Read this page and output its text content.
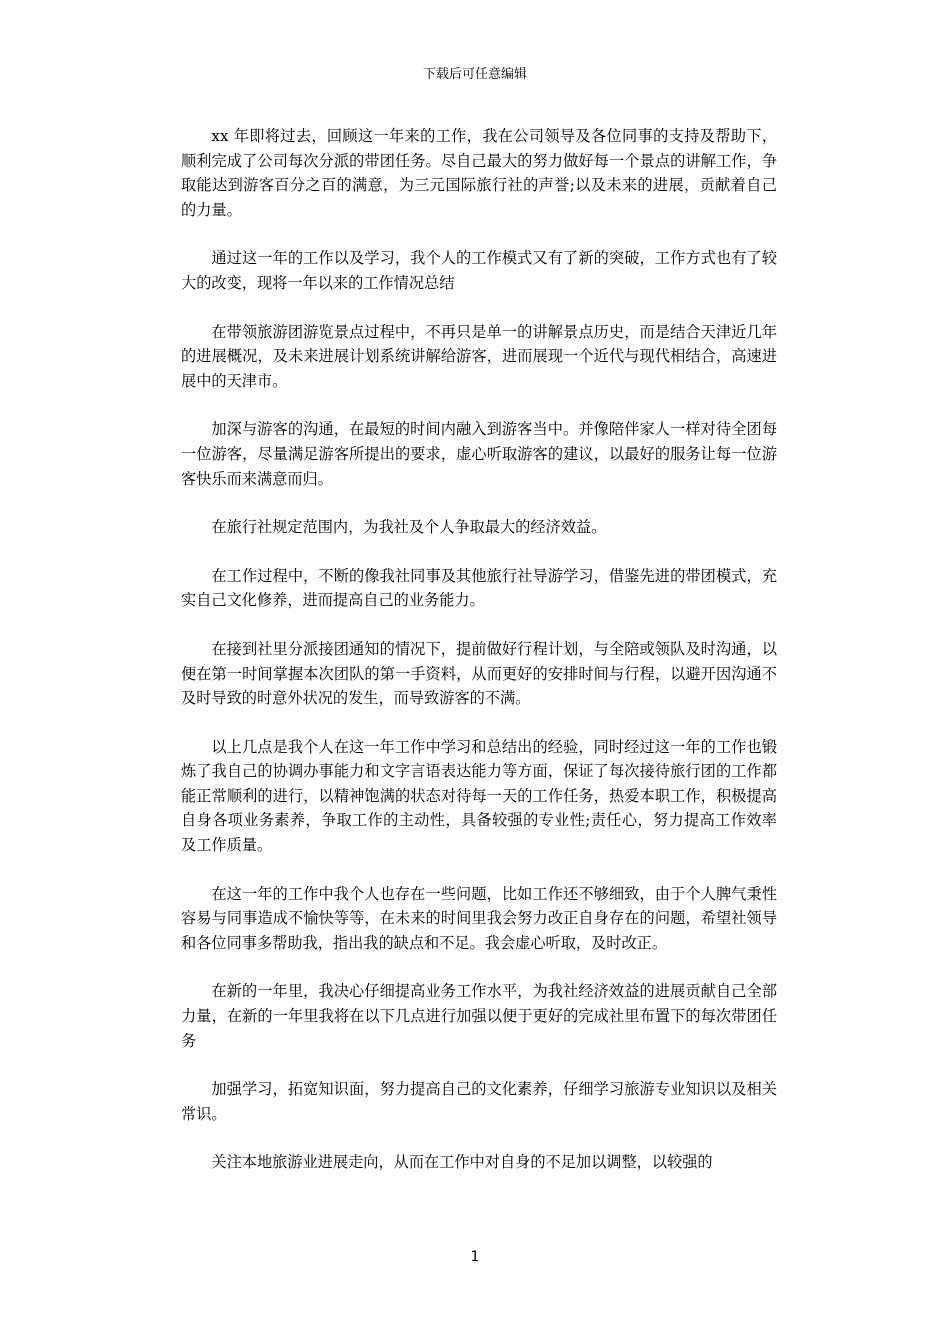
下载后可任意编辑

xx 年即将过去，回顾这一年来的工作，我在公司领导及各位同事的支持及帮助下，顺利完成了公司每次分派的带团任务。尽自己最大的努力做好每一个景点的讲解工作，争取能达到游客百分之百的满意，为三元国际旅行社的声誉;以及未来的进展，贡献着自己的力量。

通过这一年的工作以及学习，我个人的工作模式又有了新的突破，工作方式也有了较大的改变，现将一年以来的工作情况总结

在带领旅游团游览景点过程中，不再只是单一的讲解景点历史，而是结合天津近几年的进展概况，及未来进展计划系统讲解给游客，进而展现一个近代与现代相结合，高速进展中的天津市。

加深与游客的沟通，在最短的时间内融入到游客当中。并像陪伴家人一样对待全团每一位游客，尽量满足游客所提出的要求，虚心听取游客的建议，以最好的服务让每一位游客快乐而来满意而归。

在旅行社规定范围内，为我社及个人争取最大的经济效益。

在工作过程中，不断的像我社同事及其他旅行社导游学习，借鉴先进的带团模式，充实自己文化修养，进而提高自己的业务能力。

在接到社里分派接团通知的情况下，提前做好行程计划，与全陪或领队及时沟通，以便在第一时间掌握本次团队的第一手资料，从而更好的安排时间与行程，以避开因沟通不及时导致的时意外状况的发生，而导致游客的不满。

以上几点是我个人在这一年工作中学习和总结出的经验，同时经过这一年的工作也锻炼了我自己的协调办事能力和文字言语表达能力等方面，保证了每次接待旅行团的工作都能正常顺利的进行，以精神饱满的状态对待每一天的工作任务，热爱本职工作，积极提高自身各项业务素养，争取工作的主动性，具备较强的专业性;责任心，努力提高工作效率及工作质量。

在这一年的工作中我个人也存在一些问题，比如工作还不够细致，由于个人脾气秉性容易与同事造成不愉快等等，在未来的时间里我会努力改正自身存在的问题，希望社领导和各位同事多帮助我，指出我的缺点和不足。我会虚心听取，及时改正。

在新的一年里，我决心仔细提高业务工作水平，为我社经济效益的进展贡献自己全部力量，在新的一年里我将在以下几点进行加强以便于更好的完成社里布置下的每次带团任务

加强学习，拓宽知识面，努力提高自己的文化素养，仔细学习旅游专业知识以及相关常识。

关注本地旅游业进展走向，从而在工作中对自身的不足加以调整，以较强的

1
